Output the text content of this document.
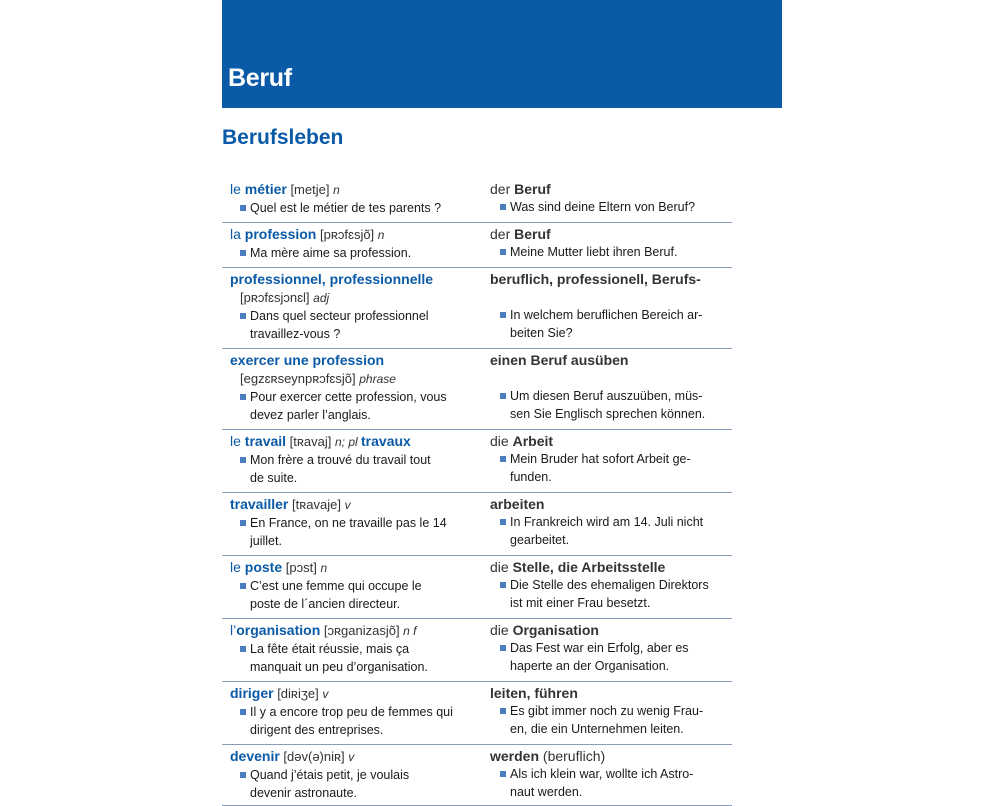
Beruf
Berufsleben
le métier [metje] n
Quel est le métier de tes parents ?
der Beruf
Was sind deine Eltern von Beruf?
la profession [pʀɔfɛsjõ] n
Ma mère aime sa profession.
der Beruf
Meine Mutter liebt ihren Beruf.
professionnel, professionnelle
[pʀɔfɛsjɔnɛl] adj
Dans quel secteur professionnel
travaillez-vous ?
beruflich, professionell, Berufs-
In welchem beruflichen Bereich ar-
beiten Sie?
exercer une profession
[egzɛʀseynpʀɔfɛsjõ] phrase
Pour exercer cette profession, vous
devez parler l’anglais.
einen Beruf ausüben
Um diesen Beruf auszuüben, müs-
sen Sie Englisch sprechen können.
le travail [tʀavaj] n; pl travaux
Mon frère a trouvé du travail tout
de suite.
die Arbeit
Mein Bruder hat sofort Arbeit ge-
funden.
travailler [tʀavaje] v
En France, on ne travaille pas le 14
juillet.
arbeiten
In Frankreich wird am 14. Juli nicht
gearbeitet.
le poste [pɔst] n
C’est une femme qui occupe le
poste de l´ancien directeur.
die Stelle, die Arbeitsstelle
Die Stelle des ehemaligen Direktors
ist mit einer Frau besetzt.
l’organisation [ɔʀganizasjõ] n f
La fête était réussie, mais ça
manquait un peu d’organisation.
die Organisation
Das Fest war ein Erfolg, aber es
haperte an der Organisation.
diriger [diʀiʒe] v
Il y a encore trop peu de femmes qui
dirigent des entreprises.
leiten, führen
Es gibt immer noch zu wenig Frau-
en, die ein Unternehmen leiten.
devenir [dəv(ə)niʀ] v
Quand j’étais petit, je voulais
devenir astronaute.
werden (beruflich)
Als ich klein war, wollte ich Astro-
naut werden.
